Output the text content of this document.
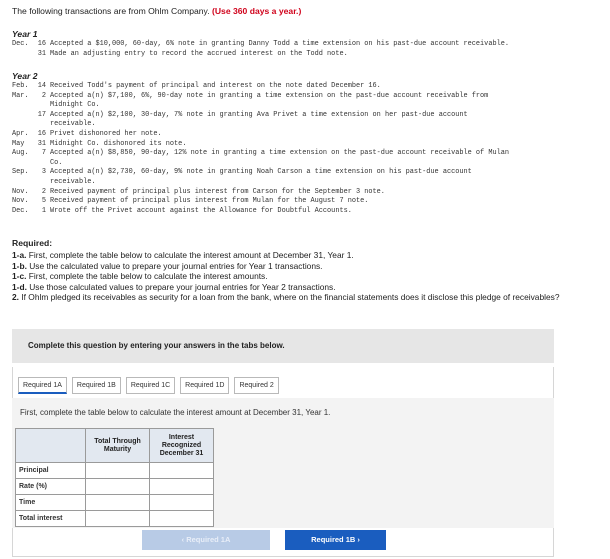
The following transactions are from Ohlm Company. (Use 360 days a year.)
Year 1
Dec. 16 Accepted a $10,000, 60-day, 6% note in granting Danny Todd a time extension on his past-due account receivable.
31 Made an adjusting entry to record the accrued interest on the Todd note.
Year 2
Feb. 14 Received Todd's payment of principal and interest on the note dated December 16.
Mar. 2 Accepted a(n) $7,100, 6%, 90-day note in granting a time extension on the past-due account receivable from
Midnight Co.
17 Accepted a(n) $2,100, 30-day, 7% note in granting Ava Privet a time extension on her past-due account
receivable.
Apr. 16 Privet dishonored her note.
May 31 Midnight Co. dishonored its note.
Aug. 7 Accepted a(n) $8,850, 90-day, 12% note in granting a time extension on the past-due account receivable of Mulan
Co.
Sep. 3 Accepted a(n) $2,730, 60-day, 9% note in granting Noah Carson a time extension on his past-due account
receivable.
Nov. 2 Received payment of principal plus interest from Carson for the September 3 note.
Nov. 5 Received payment of principal plus interest from Mulan for the August 7 note.
Dec. 1 Wrote off the Privet account against the Allowance for Doubtful Accounts.
Required:
1-a. First, complete the table below to calculate the interest amount at December 31, Year 1.
1-b. Use the calculated value to prepare your journal entries for Year 1 transactions.
1-c. First, complete the table below to calculate the interest amounts.
1-d. Use those calculated values to prepare your journal entries for Year 2 transactions.
2. If Ohlm pledged its receivables as security for a loan from the bank, where on the financial statements does it disclose this pledge of receivables?
Complete this question by entering your answers in the tabs below.
Required 1A	Required 1B	Required 1C	Required 1D	Required 2
First, complete the table below to calculate the interest amount at December 31, Year 1.
	Total Through Maturity	Interest Recognized December 31
Principal		
Rate (%)		
Time		
Total interest		
‹ Required 1A	Required 1B ›
